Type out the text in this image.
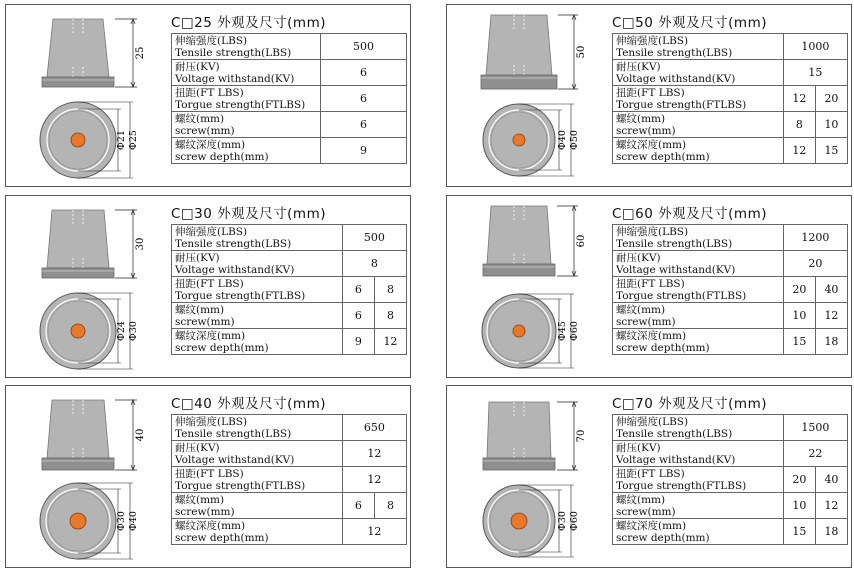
25
Φ21 Φ25
C□25 外观及尺寸(mm)
伸缩强度(LBS)
Tensile strength(LBS)	500

耐压(KV)
Voltage withstand(KV)	6

扭距(FT LBS)
Torgue strength(FTLBS)	6

螺纹(mm)
screw(mm)	6

螺纹深度(mm)
screw depth(mm)	9
50
Φ40 Φ50
C□50 外观及尺寸(mm)
伸缩强度(LBS)
Tensile strength(LBS)	1000	

耐压(KV)
Voltage withstand(KV)	15	

扭距(FT LBS)
Torgue strength(FTLBS)	12	20

螺纹(mm)
screw(mm)	8	10

螺纹深度(mm)
screw depth(mm)	12	15
30
Φ24 Φ30
C□30 外观及尺寸(mm)
伸缩强度(LBS)
Tensile strength(LBS)	500	

耐压(KV)
Voltage withstand(KV)	8	

扭距(FT LBS)
Torgue strength(FTLBS)	6	8

螺纹(mm)
screw(mm)	6	8

螺纹深度(mm)
screw depth(mm)	9	12
60
Φ45 Φ60
C□60 外观及尺寸(mm)
伸缩强度(LBS)
Tensile strength(LBS)	1200	

耐压(KV)
Voltage withstand(KV)	20	

扭距(FT LBS)
Torgue strength(FTLBS)	20	40

螺纹(mm)
screw(mm)	10	12

螺纹深度(mm)
screw depth(mm)	15	18
40
Φ30 Φ40
C□40 外观及尺寸(mm)
伸缩强度(LBS)
Tensile strength(LBS)	650	

耐压(KV)
Voltage withstand(KV)	12	

扭距(FT LBS)
Torgue strength(FTLBS)	12	

螺纹(mm)
screw(mm)	6	8

螺纹深度(mm)
screw depth(mm)	12	
70
Φ30 Φ60
C□70 外观及尺寸(mm)
伸缩强度(LBS)
Tensile strength(LBS)	1500	

耐压(KV)
Voltage withstand(KV)	22	

扭距(FT LBS)
Torgue strength(FTLBS)	20	40

螺纹(mm)
screw(mm)	10	12

螺纹深度(mm)
screw depth(mm)	15	18
